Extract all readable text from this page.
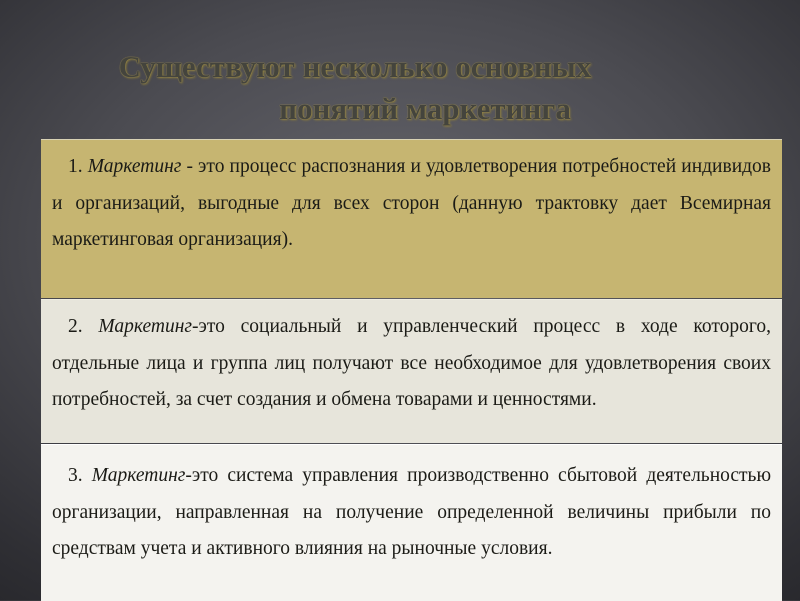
Существуют несколько основных
понятий маркетинга
1. Маркетинг - это процесс распознания и удовлетворения потребностей индивидов и организаций, выгодные для всех сторон (данную трактовку дает Всемирная маркетинговая организация).
2. Маркетинг-это социальный и управленческий процесс в ходе которого, отдельные лица и группа лиц получают все необходимое для удовлетворения своих потребностей, за счет создания и обмена товарами и ценностями.
3. Маркетинг-это система управления производственно сбытовой деятельностью организации, направленная на получение определенной величины прибыли по средствам учета и активного влияния на рыночные условия.
